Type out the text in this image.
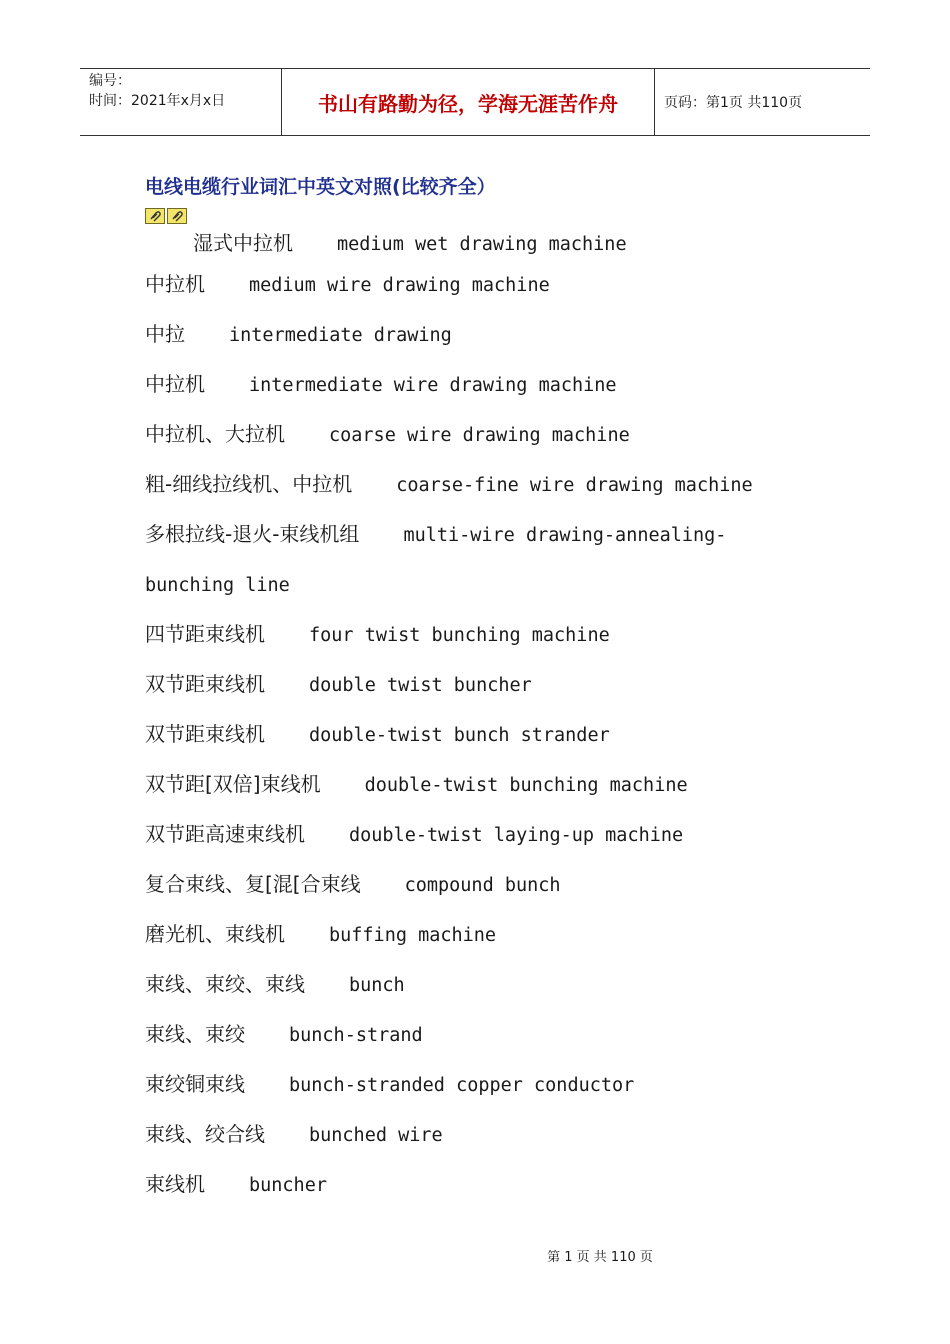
编号：
时间：2021年x月x日	书山有路勤为径，学海无涯苦作舟	页码：第1页 共110页
电线电缆行业词汇中英文对照(比较齐全）
湿式中拉机 medium wet drawing machine
中拉机 medium wire drawing machine
中拉 intermediate drawing
中拉机 intermediate wire drawing machine
中拉机、大拉机 coarse wire drawing machine
粗-细线拉线机、中拉机 coarse-fine wire drawing machine
多根拉线-退火-束线机组 multi-wire drawing-annealing-
bunching line
四节距束线机 four twist bunching machine
双节距束线机 double twist buncher
双节距束线机 double-twist bunch strander
双节距[双倍]束线机 double-twist bunching machine
双节距高速束线机 double-twist laying-up machine
复合束线、复[混[合束线 compound bunch
磨光机、束线机 buffing machine
束线、束绞、束线 bunch
束线、束绞 bunch-strand
束绞铜束线 bunch-stranded copper conductor
束线、绞合线 bunched wire
束线机 buncher
第 1 页 共 110 页
